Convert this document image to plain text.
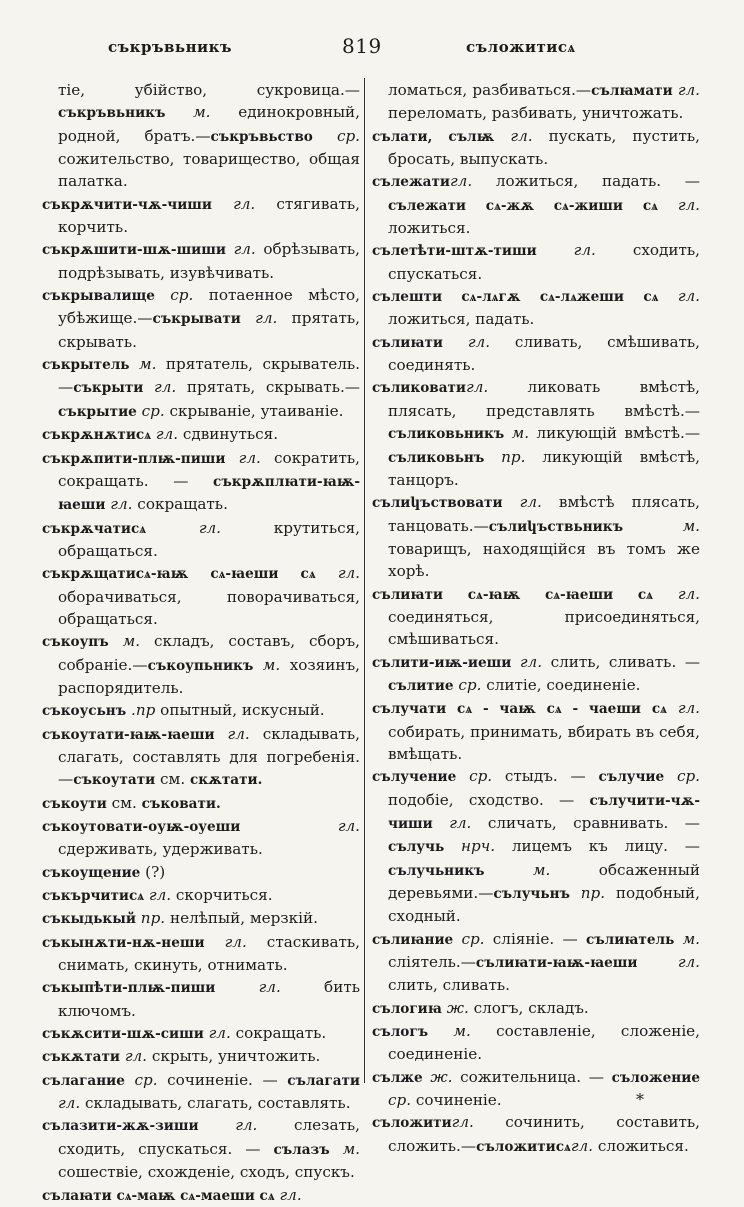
съкръвьникъ	819	съложитисѧ

тіе, убійство, сукровица.—съкръвьникъ м. единокровный, родной, братъ.—съкръвьство ср. сожительство, товарищество, общая палатка.

съкрѫчити-чѫ-чиши гл. стягивать, корчить.

съкрѫшити-шѫ-шиши гл. обрѣзывать, подрѣзывать, изувѣчивать.

съкрывалище ср. потаенное мѣсто, убѣжище.—съкрывати гл. прятать, скрывать.

съкрытель м. прятатель, скрыватель. —съкрыти гл. прятать, скрывать.—съкрытие ср. скрываніе, утаиваніе.

съкрѫнѫтисѧ гл. сдвинуться.

съкрѫпити-плѭ-пиши гл. сократить, сокращать. — съкрѫплꙗти-ꙗѭ-ꙗеши гл. сокращать.

съкрѫчатисѧ	гл. крутиться, обращаться.

съкрѫщатисѧ-ꙗѭ сѧ-ꙗеши сѧ гл. оборачиваться, поворачиваться, обращаться.

съкоупъ м. складъ, составъ, сборъ, собраніе.—съкоупьникъ м. хозяинъ, распорядитель.

съкоусьнъ .пр опытный, искусный.

съкоутати-ꙗѭ-ꙗеши гл. складывать, слагать, составлять для погребенія. —съкоутати см. скѫтати.

съкоути см. съковати.

съкоутовати-оуѭ-оуеши	гл. сдерживать, удерживать.

съкоущение (?)

съкърчитисѧ гл. скорчиться.

съкыдькый пр. нелѣпый, мерзкій.

съкынѫти-нѫ-неши гл. стаскивать, снимать, скинуть, отнимать.

съкыпѣти-плѭ-пиши	гл. бить ключомъ.

съкѫсити-шѫ-сиши гл. сокращать.

съкѫтати гл. скрыть, уничтожить.

сълагание ср. сочиненіе. — сълагати гл. складывать, слагать, составлять.

сълазити-жѫ-зиши гл. слезать, сходить, спускаться. — сълазъ м. сошествіе, схожденіе, сходъ, спускъ.

сълаꙗти сѧ-маѭ сѧ-маеши сѧ гл.

ломаться, разбиваться.—сълꙗмати гл. переломать, разбивать, уничтожать.

сълати, сълѭ гл. пускать, пустить, бросать, выпускать.

сълежатигл. ложиться, падать. — сълежати сѧ-жѫ сѧ-жиши сѧ гл. ложиться.

сълетѣти-штѫ-тиши гл. сходить, спускаться.

сълешти сѧ-лѧгѫ сѧ-лѧжеши сѧ гл. ложиться, падать.

сълиꙗти гл. сливать, смѣшивать, соединять.

съликоватигл. ликовать вмѣстѣ, плясать, представлять вмѣстѣ.—съликовьникъ м. ликующій вмѣстѣ.—съликовьнъ пр. ликующій вмѣстѣ, танцоръ.

сълиկъствовати гл. вмѣстѣ плясать, танцовать.—сълиկъствьникъ	м. товарищъ, находящійся въ томъ же хорѣ.

сълиꙗти сѧ-ꙗѭ сѧ-ꙗеши сѧ гл. соединяться, присоединяться, смѣшиваться.

сълити-иѭ-иеши гл. слить, сливать. —сълитие ср. слитіе, соединеніе.

сълучати сѧ - чаѭ сѧ - чаеши сѧ гл. собирать, принимать, вбирать въ себя, вмѣщать.

сълучение ср. стыдъ. — сълучие ср. подобіе, сходство. — сълучити-чѫ-чиши гл. сличать, сравнивать. — сълучь нрч. лицемъ къ лицу. — сълучьникъ	м. обсаженный деревьями.—сълучьнъ пр. подобный, сходный.

сълиꙗние ср. сліяніе. — сълиꙗтель м. слiятель.—сълиꙗти-ꙗѭ-ꙗеши	гл. слить, сливать.

сълогиꙗ ж. слогъ, складъ.

сълогъ м. составленіе, сложеніе, соединеніе.

сължe ж. сожительница. — съложение ср. сочиненіе.

съложитигл. сочинить, составить, сложить.—съложитисѧгл. сложиться.

*
